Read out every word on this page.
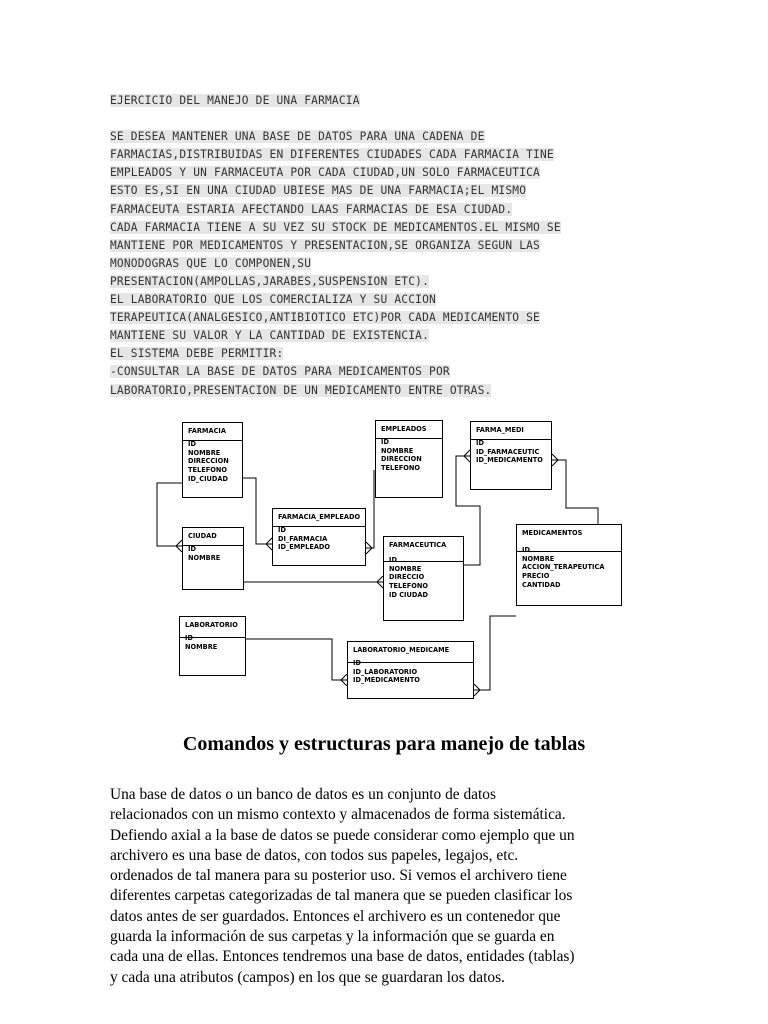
EJERCICIO DEL MANEJO DE UNA FARMACIA
SE DESEA MANTENER UNA BASE DE DATOS PARA UNA CADENA DE
FARMACIAS,DISTRIBUIDAS EN DIFERENTES CIUDADES CADA FARMACIA TINE
EMPLEADOS Y UN FARMACEUTA POR CADA CIUDAD,UN SOLO FARMACEUTICA
ESTO ES,SI EN UNA CIUDAD UBIESE MAS DE UNA FARMACIA;EL MISMO
FARMACEUTA ESTARIA AFECTANDO LAAS FARMACIAS DE ESA CIUDAD.
CADA FARMACIA TIENE A SU VEZ SU STOCK DE MEDICAMENTOS.EL MISMO SE
MANTIENE POR MEDICAMENTOS Y PRESENTACION,SE ORGANIZA SEGUN LAS
MONODOGRAS QUE LO COMPONEN,SU
PRESENTACION(AMPOLLAS,JARABES,SUSPENSION ETC).
EL LABORATORIO QUE LOS COMERCIALIZA Y SU ACCION
TERAPEUTICA(ANALGESICO,ANTIBIOTICO ETC)POR CADA MEDICAMENTO SE
MANTIENE SU VALOR Y LA CANTIDAD DE EXISTENCIA.
EL SISTEMA DEBE PERMITIR:
-CONSULTAR LA BASE DE DATOS PARA MEDICAMENTOS POR
LABORATORIO,PRESENTACION DE UN MEDICAMENTO ENTRE OTRAS.
FARMACIA
ID
NOMBRE
DIRECCION
TELEFONO
ID_CIUDAD
EMPLEADOS
ID
NOMBRE
DIRECCION
TELEFONO
FARMA_MEDI
ID
ID_FARMACEUTIC
ID_MEDICAMENTO
FARMACIA_EMPLEADO
ID
DI_FARMACIA
ID_EMPLEADO
CIUDAD
ID
NOMBRE
FARMACEUTICA
ID
NOMBRE
DIRECCIO
TELEFONO
ID CIUDAD
MEDICAMENTOS
ID
NOMBRE
ACCION_TERAPEUTICA
PRECIO
CANTIDAD
LABORATORIO
ID
NOMBRE	LABORATORIO_MEDICAME
ID
ID_LABORATORIO
ID_MEDICAMENTO
Comandos y estructuras para manejo de tablas
Una base de datos o un banco de datos es un conjunto de datos
relacionados con un mismo contexto y almacenados de forma sistemática.
Defiendo axial a la base de datos se puede considerar como ejemplo que un
archivero es una base de datos, con todos sus papeles, legajos, etc.
ordenados de tal manera para su posterior uso. Si vemos el archivero tiene
diferentes carpetas categorizadas de tal manera que se pueden clasificar los
datos antes de ser guardados. Entonces el archivero es un contenedor que
guarda la información de sus carpetas y la información que se guarda en
cada una de ellas. Entonces tendremos una base de datos, entidades (tablas)
y cada una atributos (campos) en los que se guardaran los datos.
